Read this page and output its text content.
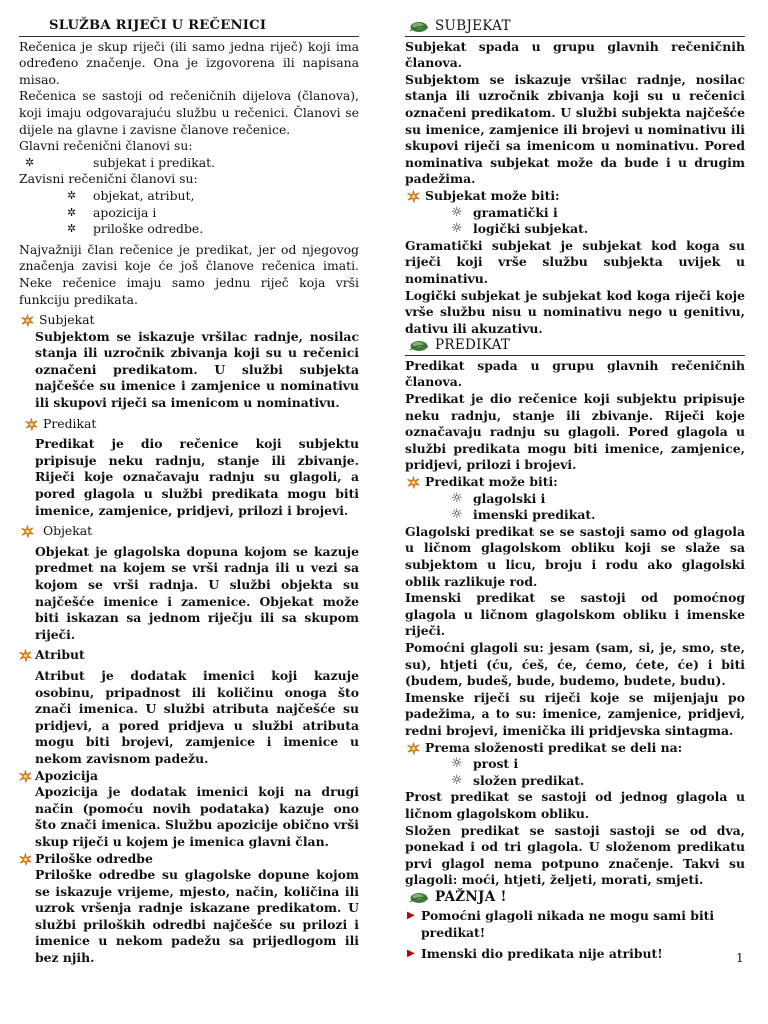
SLUŽBA RIJEČI U REČENICI

Rečenica je skup riječi (ili samo jedna riječ) koji ima određeno značenje. Ona je izgovorena ili napisana misao.

Rečenica se sastoji od rečeničnih dijelova (članova), koji imaju odgovarajuću službu u rečenici. Članovi se dijele na glavne i zavisne članove rečenice.

Glavni rečenični članovi su:

✲	subjekat i predikat.

Zavisni rečenični članovi su:

✲ objekat, atribut,
✲ apozicija i
✲ priloške odredbe.

Najvažniji član rečenice je predikat, jer od njegovog značenja zavisi koje će još članove rečenica imati. Neke rečenice imaju samo jednu riječ koja vrši funkciju predikata.

Subjekat

Subjektom se iskazuje vršilac radnje, nosilac stanja ili uzročnik zbivanja koji su u rečenici označeni predikatom. U službi subjekta najčešće su imenice i zamjenice u nominativu ili skupovi riječi sa imenicom u nominativu.

Predikat

Predikat je dio rečenice koji subjektu pripisuje neku radnju, stanje ili zbivanje. Riječi koje označavaju radnju su glagoli, a pored glagola u službi predikata mogu biti imenice, zamjenice, pridjevi, prilozi i brojevi.

Objekat

Objekat je glagolska dopuna kojom se kazuje predmet na kojem se vrši radnja ili u vezi sa kojom se vrši radnja. U službi objekta su najčešće imenice i zamenice. Objekat može biti iskazan sa jednom riječju ili sa skupom riječi.

Atribut

Atribut je dodatak imenici koji kazuje osobinu, pripadnost ili količinu onoga što znači imenica. U službi atributa najčešće su pridjevi, a pored pridjeva u službi atributa mogu biti brojevi, zamjenice i imenice u nekom zavisnom padežu.

Apozicija

Apozicija je dodatak imenici koji na drugi način (pomoću novih podataka) kazuje ono što znači imenica. Službu apozicije obično vrši skup riječi u kojem je imenica glavni član.

Priloške odredbe

Priloške odredbe su glagolske dopune kojom se iskazuje vrijeme, mjesto, način, količina ili uzrok vršenja radnje iskazane predikatom. U službi priloških odredbi najčešće su prilozi i imenice u nekom padežu sa prijedlogom ili bez njih.

SUBJEKAT

Subjekat spada u grupu glavnih rečeničnih članova.

Subjektom se iskazuje vršilac radnje, nosilac stanja ili uzročnik zbivanja koji su u rečenici označeni predikatom. U službi subjekta najčešće su imenice, zamjenice ili brojevi u nominativu ili skupovi riječi sa imenicom u nominativu. Pored nominativa subjekat može da bude i u drugim padežima.

Subjekat može biti:
☼ gramatički i
☼ logički subjekat.

Gramatički subjekat je subjekat kod koga su riječi koji vrše službu subjekta uvijek u nominativu.

Logički subjekat je subjekat kod koga riječi koje vrše službu nisu u nominativu nego u genitivu, dativu ili akuzativu.

PREDIKAT

Predikat spada u grupu glavnih rečeničnih članova.

Predikat je dio rečenice koji subjektu pripisuje neku radnju, stanje ili zbivanje. Riječi koje označavaju radnju su glagoli. Pored glagola u službi predikata mogu biti imenice, zamjenice, pridjevi, prilozi i brojevi.

Predikat može biti:
☼ glagolski i
☼ imenski predikat.

Glagolski predikat se se sastoji samo od glagola u ličnom glagolskom obliku koji se slaže sa subjektom u licu, broju i rodu ako glagolski oblik razlikuje rod.

Imenski predikat se sastoji od pomoćnog glagola u ličnom glagolskom obliku i imenske riječi.

Pomoćni glagoli su: jesam (sam, si, je, smo, ste, su), htjeti (ću, ćeš, će, ćemo, ćete, će) i biti (budem, budeš, bude, budemo, budete, budu).

Imenske riječi su riječi koje se mijenjaju po padežima, a to su: imenice, zamjenice, pridjevi, redni brojevi, imenička ili pridjevska sintagma.

Prema složenosti predikat se deli na:
☼ prost i
☼ složen predikat.

Prost predikat se sastoji od jednog glagola u ličnom glagolskom obliku.

Složen predikat se sastoji sastoji se od dva, ponekad i od tri glagola. U složenom predikatu prvi glagol nema potpuno značenje. Takvi su glagoli: moći, htjeti, željeti, morati, smjeti.

PAŽNJA !
▶ Pomoćni glagoli nikada ne mogu sami biti predikat!
▶ Imenski dio predikata nije atribut!	1
